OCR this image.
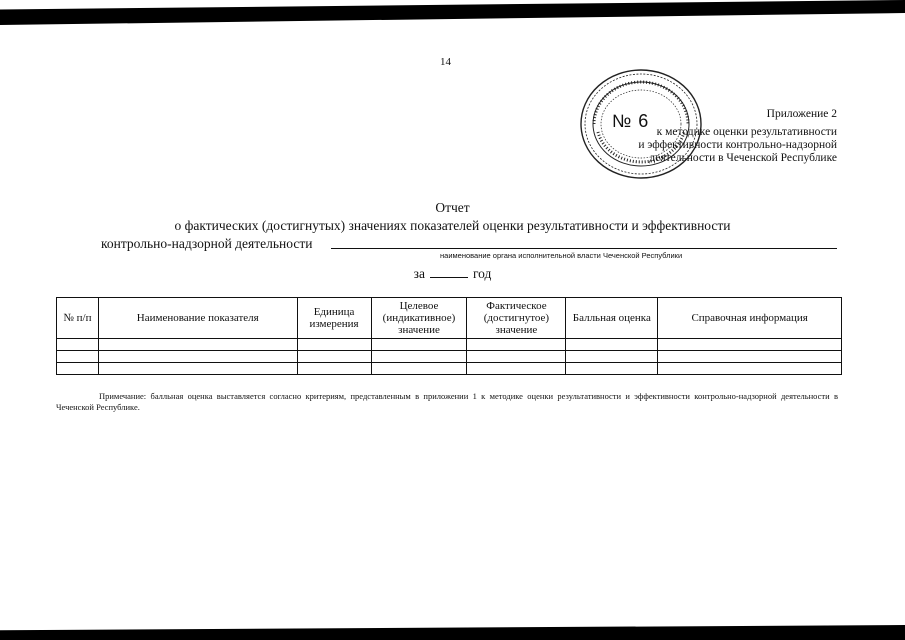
14
№ 6	Приложение 2
к методике оценки результативности
и эффективности контрольно-надзорной
деятельности в Чеченской Республике
Отчет
о фактических (достигнутых) значениях показателей оценки результативности и эффективности
контрольно-надзорной деятельности
наименование органа исполнительной власти Чеченской Республики
за	год
№ п/п	Наименование показателя	Единица измерения	Целевое (индикативное) значение	Фактическое (достигнутое) значение	Балльная оценка	Справочная информация

Примечание: балльная оценка выставляется согласно критериям, представленным в приложении 1 к методике оценки результативности и эффективности контрольно-надзорной деятельности в Чеченской Республике.
